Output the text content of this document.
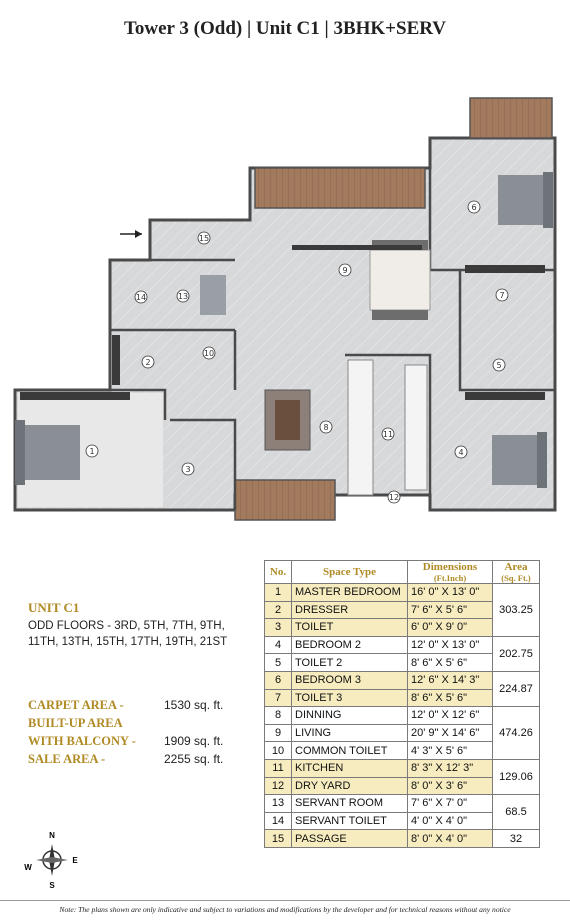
Tower 3 (Odd) | Unit C1 | 3BHK+SERV
1
2
3
4
5
6
7
8
9
10
11
12
13
14
15
UNIT C1
ODD FLOORS - 3RD, 5TH, 7TH, 9TH, 11TH, 13TH, 15TH, 17TH, 19TH, 21ST
CARPET AREA -	1530 sq. ft.
BUILT-UP AREA
WITH BALCONY - 1909 sq. ft.
SALE AREA -	2255 sq. ft.
No.	Space Type	Dimensions
(Ft.Inch)	Area
(Sq. Ft.)

1	MASTER BEDROOM	16' 0" X 13' 0"	303.25
2	DRESSER	7' 6" X 5' 6"	
3	TOILET	6' 0" X 9' 0"	
4	BEDROOM 2	12' 0" X 13' 0"	202.75
5	TOILET 2	8' 6" X 5' 6"	
6	BEDROOM 3	12' 6" X 14' 3"	224.87
7	TOILET 3	8' 6" X 5' 6"	
8	DINNING	12' 0" X 12' 6"	474.26
9	LIVING	20' 9" X 14' 6"	
10	COMMON TOILET	4' 3" X 5' 6"	
11	KITCHEN	8' 3" X 12' 3"	129.06
12	DRY YARD	8' 0" X 3' 6"	
13	SERVANT ROOM	7' 6" X 7' 0"	68.5
14	SERVANT TOILET	4' 0" X 4' 0"	
15	PASSAGE	8' 0" X 4' 0"	32
N
E
S
W
Note: The plans shown are only indicative and subject to variations and modifications by the developer and for technical reasons without any notice
